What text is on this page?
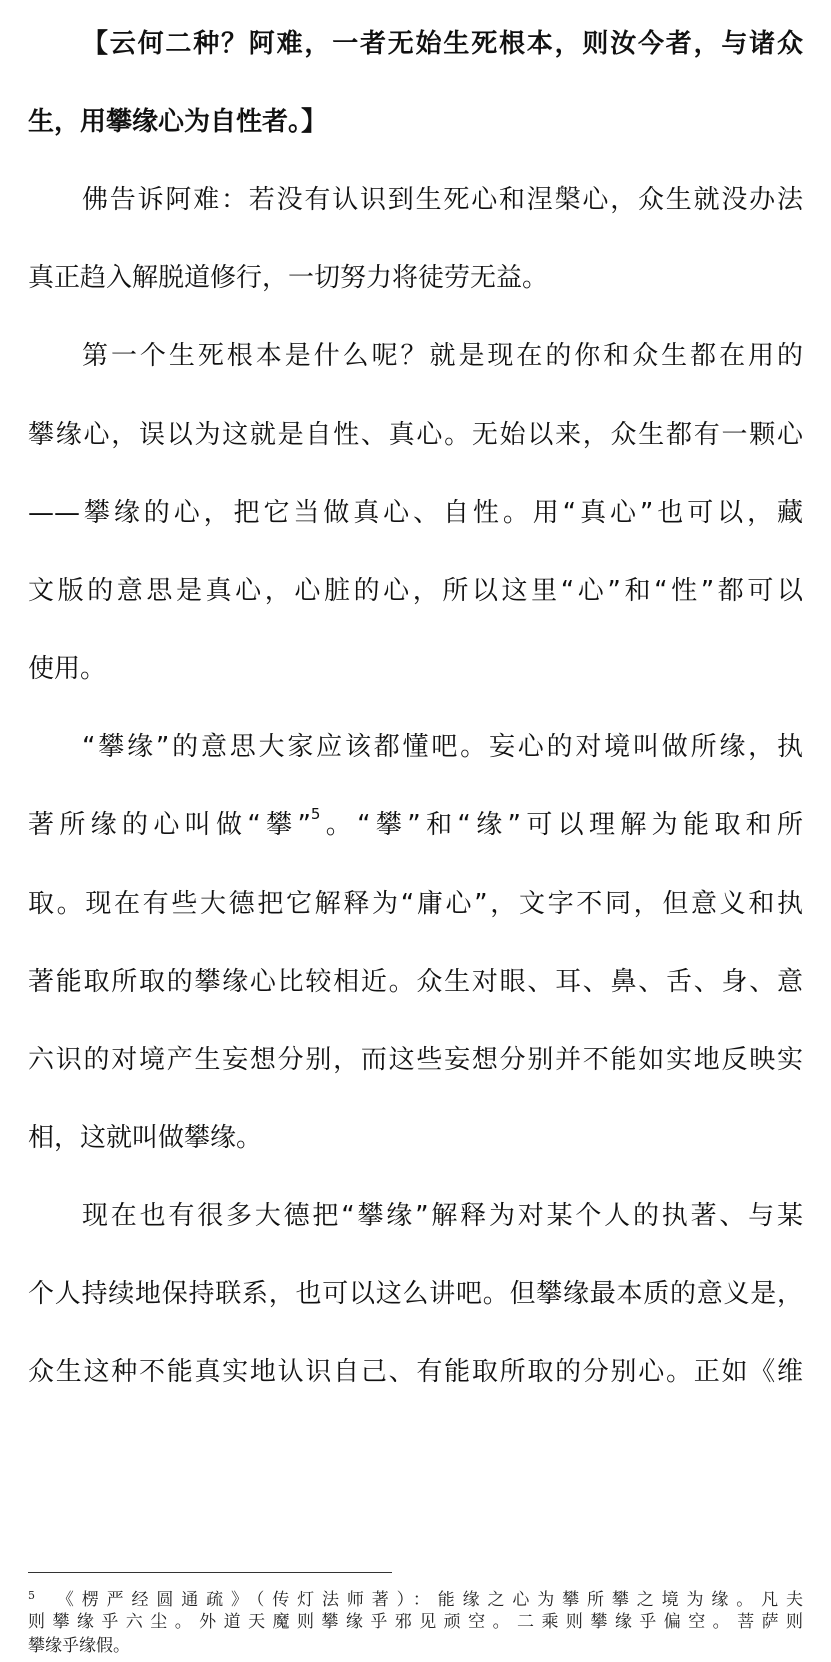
【云何二种？阿难，一者无始生死根本，则汝今者，与诸众
生，用攀缘心为自性者。】
佛告诉阿难：若没有认识到生死心和涅槃心，众生就没办法
真正趋入解脱道修行，一切努力将徒劳无益。
第一个生死根本是什么呢？就是现在的你和众生都在用的
攀缘心，误以为这就是自性、真心。无始以来，众生都有一颗心
——攀缘的心，把它当做真心、自性。用“真心”也可以，藏
文版的意思是真心，心脏的心，所以这里“心”和“性”都可以
使用。
“攀缘”的意思大家应该都懂吧。妄心的对境叫做所缘，执
著所缘的心叫做“攀”$^5$。“攀”和“缘”可以理解为能取和所
取。现在有些大德把它解释为“庸心”，文字不同，但意义和执
著能取所取的攀缘心比较相近。众生对眼、耳、鼻、舌、身、意
六识的对境产生妄想分别，而这些妄想分别并不能如实地反映实
相，这就叫做攀缘。
现在也有很多大德把“攀缘”解释为对某个人的执著、与某
个人持续地保持联系，也可以这么讲吧。但攀缘最本质的意义是，
众生这种不能真实地认识自己、有能取所取的分别心。正如《维
$^5$ 《楞严经圆通疏》（传灯法师著）：能缘之心为攀所攀之境为缘。凡夫
则攀缘乎六尘。外道天魔则攀缘乎邪见顽空。二乘则攀缘乎偏空。菩萨则
攀缘乎缘假。
